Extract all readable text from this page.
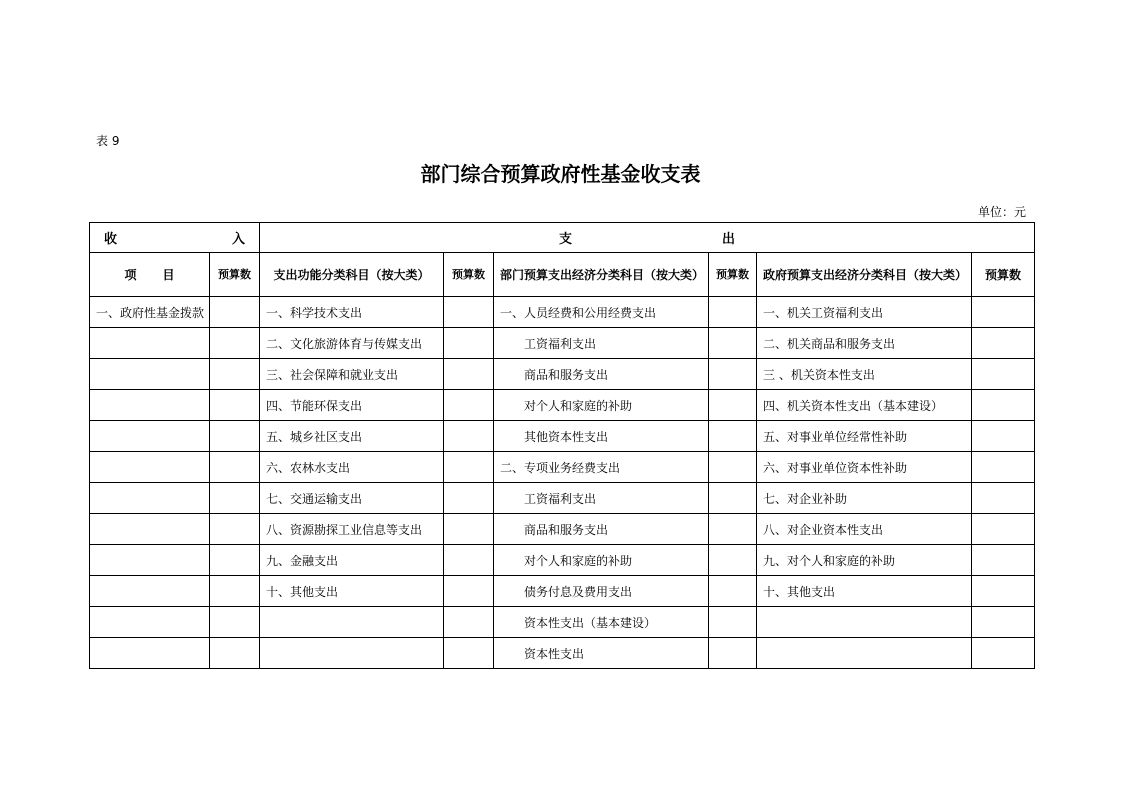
表 9
部门综合预算政府性基金收支表
单位：元
收 入		支 出					

项 目	预算数	支出功能分类科目（按大类）	预算数	部门预算支出经济分类科目（按大类）	预算数	政府预算支出经济分类科目（按大类）	预算数
一、政府性基金拨款		一、科学技术支出		一、人员经费和公用经费支出		一、机关工资福利支出	
		二、文化旅游体育与传媒支出		工资福利支出		二、机关商品和服务支出	
		三、社会保障和就业支出		商品和服务支出		三 、机关资本性支出	
		四、节能环保支出		对个人和家庭的补助		四、机关资本性支出（基本建设）	
		五、城乡社区支出		其他资本性支出		五、对事业单位经常性补助	
		六、农林水支出		二、专项业务经费支出		六、对事业单位资本性补助	
		七、交通运输支出		工资福利支出		七、对企业补助	
		八、资源勘探工业信息等支出		商品和服务支出		八、对企业资本性支出	
		九、金融支出		对个人和家庭的补助		九、对个人和家庭的补助	
		十、其他支出		债务付息及费用支出		十、其他支出	
				资本性支出（基本建设）			
				资本性支出			
